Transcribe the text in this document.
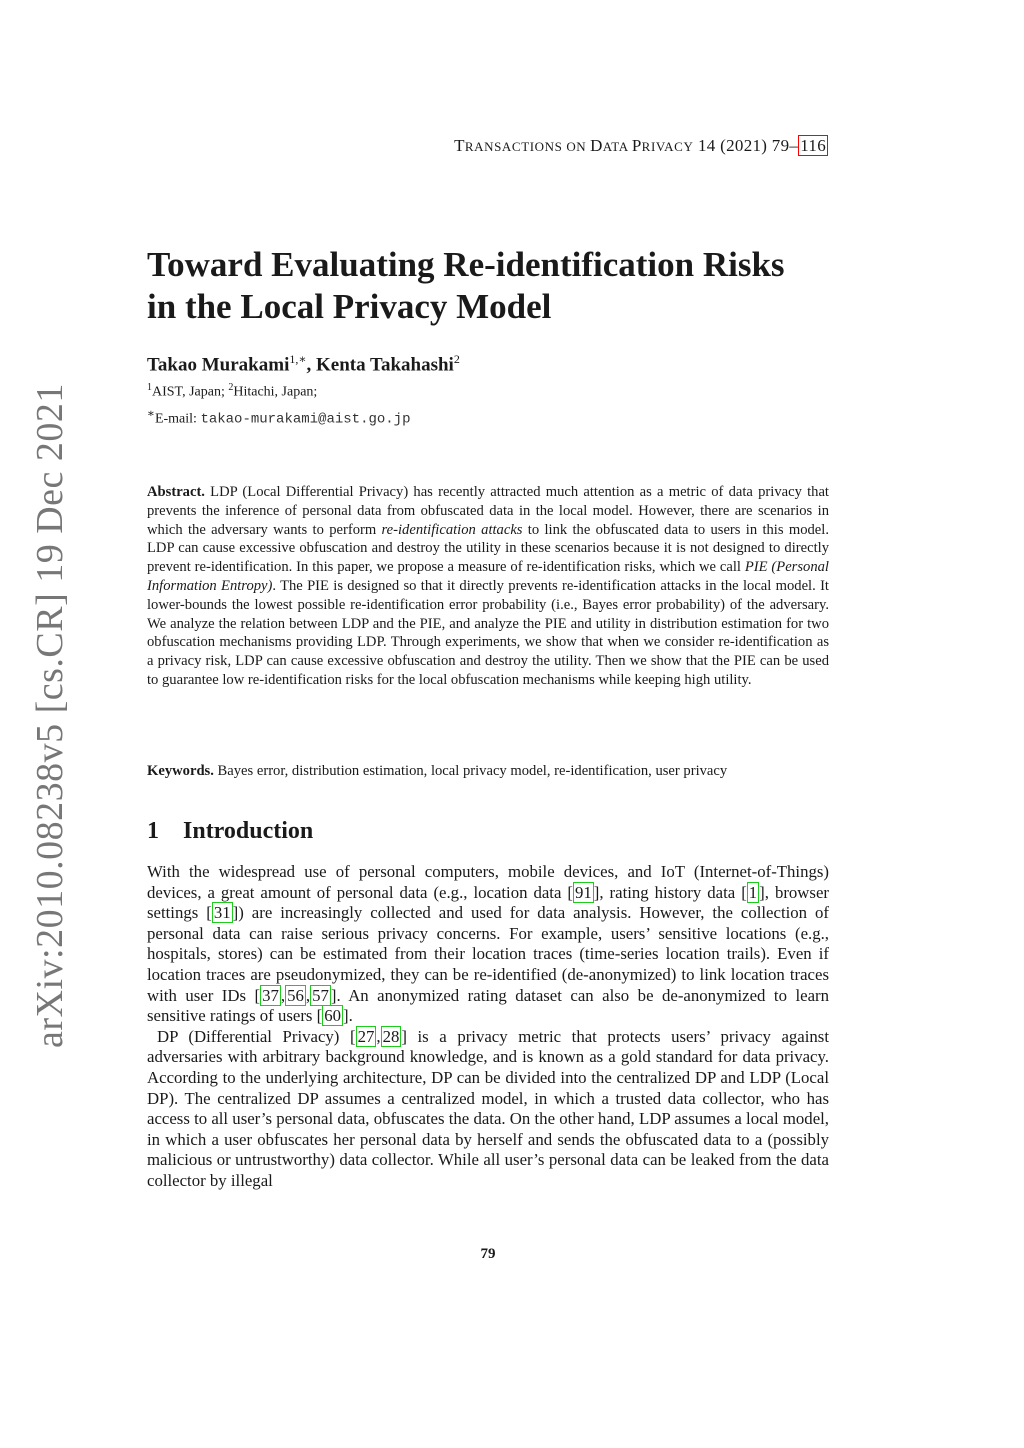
arXiv:2010.08238v5 [cs.CR] 19 Dec 2021
TRANSACTIONS ON DATA PRIVACY 14 (2021) 79– 116
Toward Evaluating Re-identification Risks
in the Local Privacy Model
Takao Murakami$^{1,∗}$, Kenta Takahashi$^2$
$^1$AIST, Japan; $^2$Hitachi, Japan;
∗E-mail: takao-murakami@aist.go.jp

Abstract. LDP (Local Differential Privacy) has recently attracted much attention as a metric of data privacy that prevents the inference of personal data from obfuscated data in the local model. However, there are scenarios in which the adversary wants to perform re-identification attacks to link the obfuscated data to users in this model. LDP can cause excessive obfuscation and destroy the utility in these scenarios because it is not designed to directly prevent re-identification. In this paper, we propose a measure of re-identification risks, which we call PIE (Personal Information Entropy). The PIE is designed so that it directly prevents re-identification attacks in the local model. It lower-bounds the lowest possible re-identification error probability (i.e., Bayes error probability) of the adversary. We analyze the relation between LDP and the PIE, and analyze the PIE and utility in distribution estimation for two obfuscation mechanisms providing LDP. Through experiments, we show that when we consider re-identification as a privacy risk, LDP can cause excessive obfuscation and destroy the utility. Then we show that the PIE can be used to guarantee low re-identification risks for the local obfuscation mechanisms while keeping high utility.

Keywords. Bayes error, distribution estimation, local privacy model, re-identification, user privacy

1 Introduction

With the widespread use of personal computers, mobile devices, and IoT (Internet-of-Things) devices, a great amount of personal data (e.g., location data [ 91 ], rating history data [ 1 ], browser settings [ 31 ]) are increasingly collected and used for data analysis. However, the collection of personal data can raise serious privacy concerns. For example, users’ sensitive locations (e.g., hospitals, stores) can be estimated from their location traces (time-series location trails). Even if location traces are pseudonymized, they can be re-identified (de-anonymized) to link location traces with user IDs [ 37 , 56 , 57 ]. An anonymized rating dataset can also be de-anonymized to learn sensitive ratings of users [ 60 ].

DP (Differential Privacy) [ 27 , 28 ] is a privacy metric that protects users’ privacy against adversaries with arbitrary background knowledge, and is known as a gold standard for data privacy. According to the underlying architecture, DP can be divided into the centralized DP and LDP (Local DP). The centralized DP assumes a centralized model, in which a trusted data collector, who has access to all user’s personal data, obfuscates the data. On the other hand, LDP assumes a local model, in which a user obfuscates her personal data by herself and sends the obfuscated data to a (possibly malicious or untrustworthy) data collector. While all user’s personal data can be leaked from the data collector by illegal

79
